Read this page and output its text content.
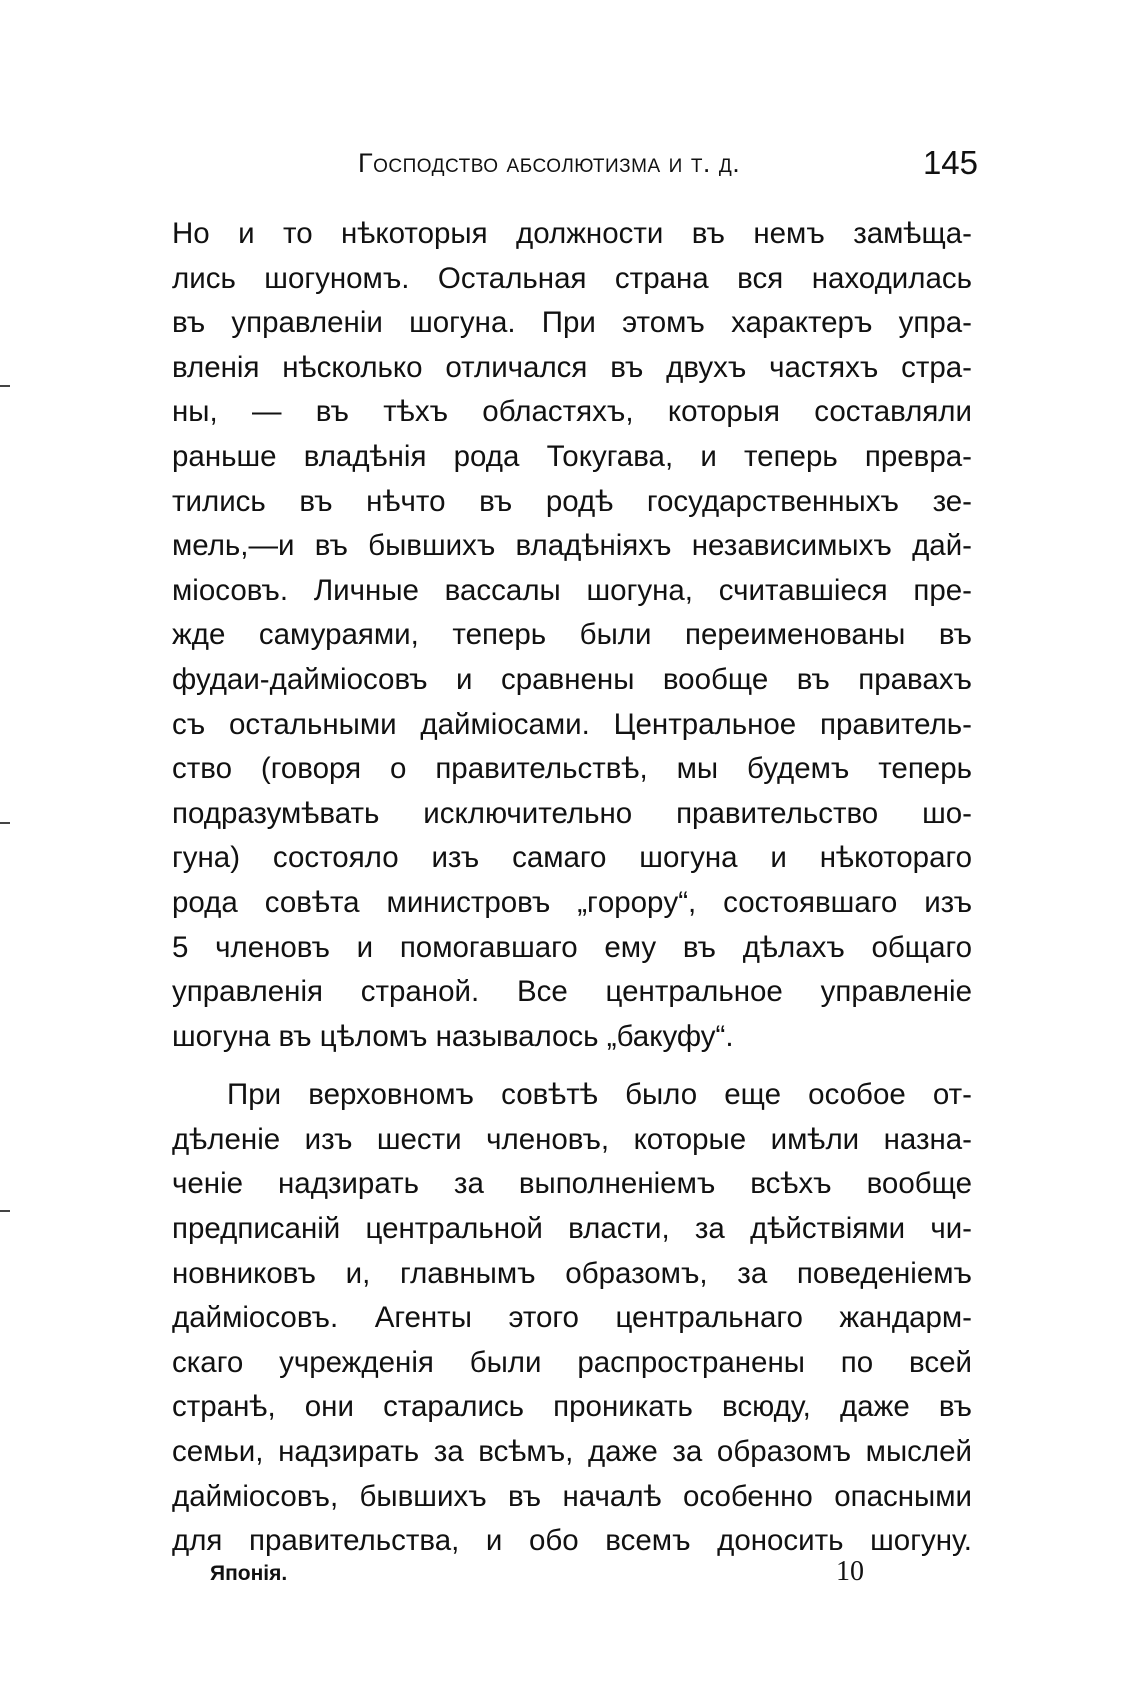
Господство абсолютизма и т. д.	145
Но и то нѣкоторыя должности въ немъ замѣща-
лись шогуномъ. Остальная страна вся находилась
въ управленіи шогуна. При этомъ характеръ упра-
вленія нѣсколько отличался въ двухъ частяхъ стра-
ны, — въ тѣхъ областяхъ, которыя составляли
раньше владѣнія рода Токугава, и теперь превра-
тились въ нѣчто въ родѣ государственныхъ зе-
мель,—и въ бывшихъ владѣніяхъ независимыхъ дай-
міосовъ. Личные вассалы шогуна, считавшіеся пре-
жде самураями, теперь были переименованы въ
фудаи-дайміосовъ и сравнены вообще въ правахъ
съ остальными дайміосами. Центральное правитель-
ство (говоря о правительствѣ, мы будемъ теперь
подразумѣвать исключительно правительство шо-
гуна) состояло изъ самаго шогуна и нѣкотораго
рода совѣта министровъ „гopopy“, состоявшаго изъ
5 членовъ и помогавшаго ему въ дѣлахъ общаго
управленія страной. Все центральное управленіе
шогуна въ цѣломъ называлось „бакуфу“.
При верховномъ совѣтѣ было еще особое от-
дѣленіе изъ шести членовъ, которые имѣли назна-
ченіе надзирать за выполненіемъ всѣхъ вообще
предписаній центральной власти, за дѣйствіями чи-
новниковъ и, главнымъ образомъ, за поведеніемъ
дайміосовъ. Агенты этого центральнаго жандарм-
скаго учрежденія были распространены по всей
странѣ, они старались проникать всюду, даже въ
семьи, надзирать за всѣмъ, даже за образомъ мыслей
дайміосовъ, бывшихъ въ началѣ особенно опасными
для правительства, и обо всемъ доносить шогуну.
Японія.	10
